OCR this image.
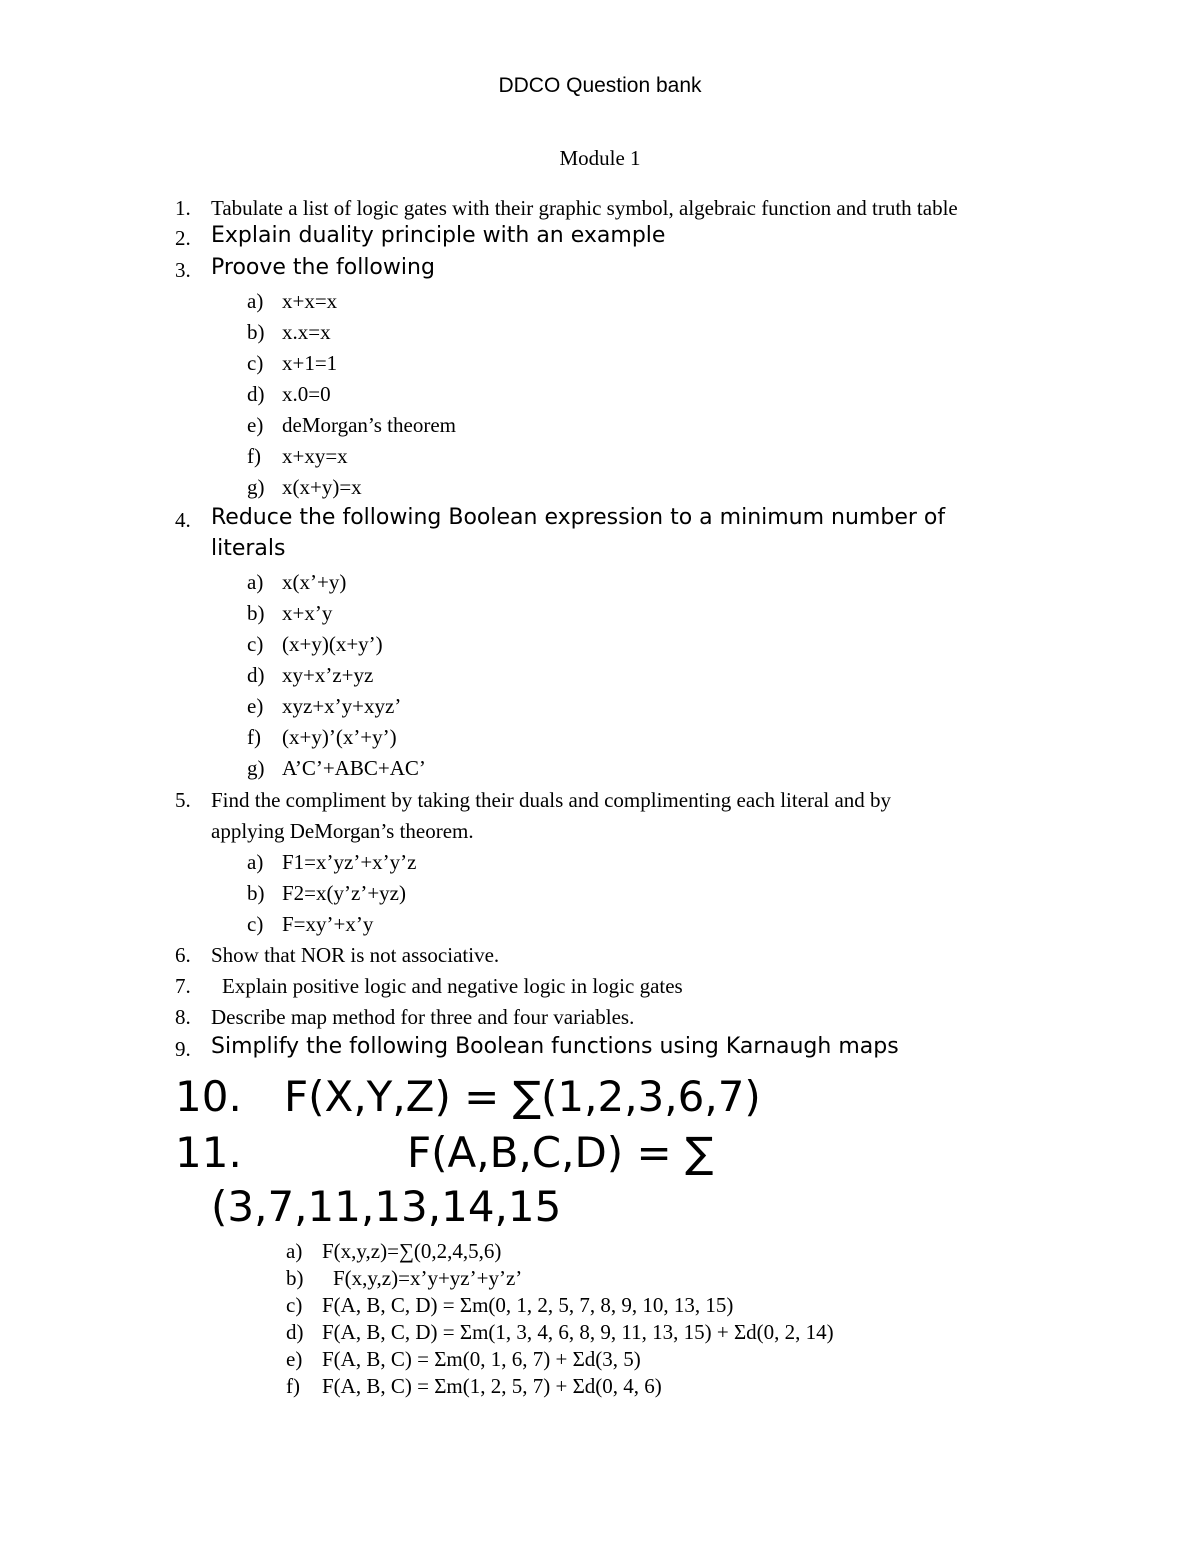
DDCO Question bank
Module 1
1. Tabulate a list of logic gates with their graphic symbol, algebraic function and truth table
2. Explain duality principle with an example
3. Proove the following
a) x+x=x
b) x.x=x
c) x+1=1
d) x.0=0
e) deMorgan’s theorem
f) x+xy=x
g) x(x+y)=x
4. Reduce the following Boolean expression to a minimum number of
literals
a) x(x’+y)
b) x+x’y
c) (x+y)(x+y’)
d) xy+x’z+yz
e) xyz+x’y+xyz’
f) (x+y)’(x’+y’)
g) A’C’+ABC+AC’
5. Find the compliment by taking their duals and complimenting each literal and by
applying DeMorgan’s theorem.
a) F1=x’yz’+x’y’z
b) F2=x(y’z’+yz)
c) F=xy’+x’y
6. Show that NOR is not associative.
7. Explain positive logic and negative logic in logic gates
8. Describe map method for three and four variables.
9. Simplify the following Boolean functions using Karnaugh maps
10. F(X,Y,Z) = ∑(1,2,3,6,7)
11.	F(A,B,C,D) = ∑
(3,7,11,13,14,15
a) F(x,y,z)=∑(0,2,4,5,6)
b) F(x,y,z)=x’y+yz’+y’z’
c) F(A, B, C, D) = Σm(0, 1, 2, 5, 7, 8, 9, 10, 13, 15)
d) F(A, B, C, D) = Σm(1, 3, 4, 6, 8, 9, 11, 13, 15) + Σd(0, 2, 14)
e) F(A, B, C) = Σm(0, 1, 6, 7) + Σd(3, 5)
f) F(A, B, C) = Σm(1, 2, 5, 7) + Σd(0, 4, 6)
